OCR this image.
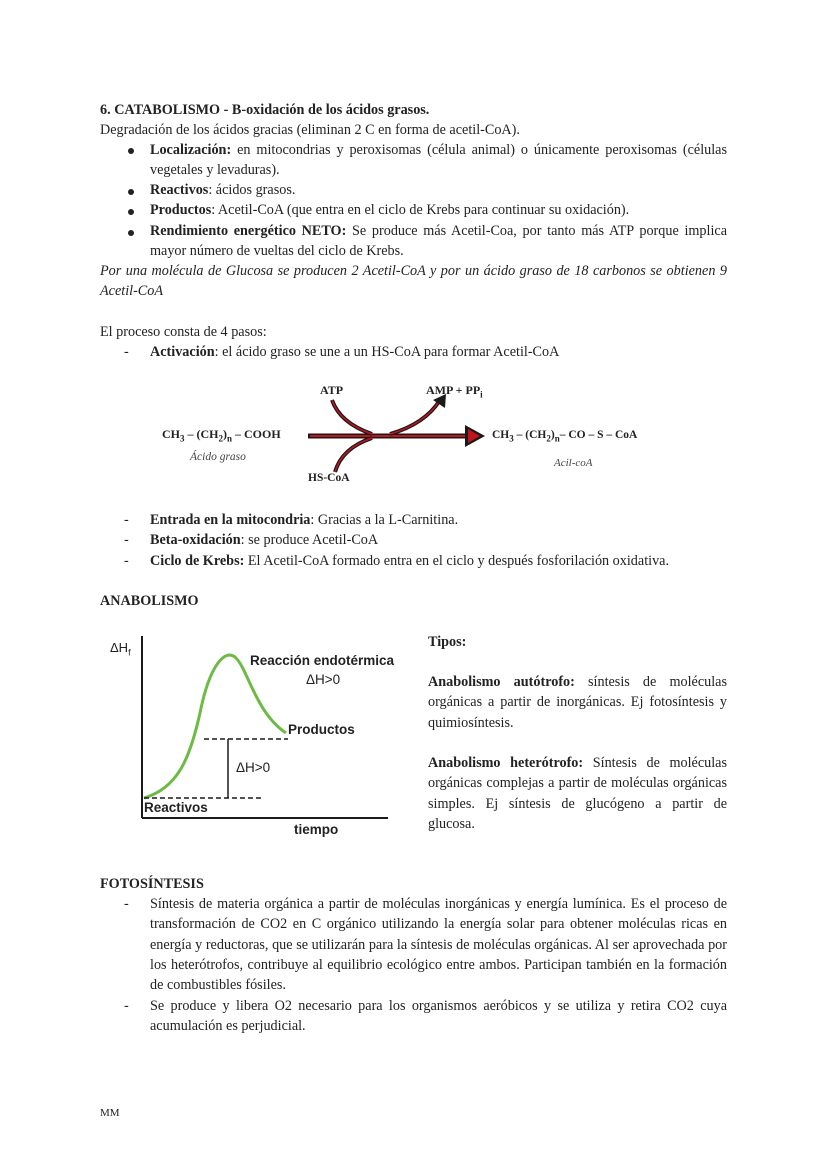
6. CATABOLISMO - B-oxidación de los ácidos grasos.
Degradación de los ácidos gracias (eliminan 2 C en forma de acetil-CoA).
Localización: en mitocondrias y peroxisomas (célula animal) o únicamente peroxisomas (células vegetales y levaduras).
Reactivos: ácidos grasos.
Productos: Acetil-CoA (que entra en el ciclo de Krebs para continuar su oxidación).
Rendimiento energético NETO: Se produce más Acetil-Coa, por tanto más ATP porque implica mayor número de vueltas del ciclo de Krebs.
Por una molécula de Glucosa se producen 2 Acetil-CoA y por un ácido graso de 18 carbonos se obtienen 9 Acetil-CoA
El proceso consta de 4 pasos:
- Activación: el ácido graso se une a un HS-CoA para formar Acetil-CoA
ATP	AMP + $PP_i$
HS-CoA
$CH_3 - (CH_2)_n$ – COOH
Ácido graso
$CH_3 - (CH_2)_n-$ CO – S – CoA
Acil-coA
- Entrada en la mitocondria: Gracias a la L-Carnitina.
- Beta-oxidación: se produce Acetil-CoA
- Ciclo de Krebs: El Acetil-CoA formado entra en el ciclo y después fosforilación oxidativa.
ANABOLISMO
$\Delta H_f$
Reacción endotérmica
ΔH>0
Productos
ΔH>0
Reactivos
tiempo
Tipos:
Anabolismo autótrofo: síntesis de moléculas orgánicas a partir de inorgánicas. Ej fotosíntesis y quimiosíntesis.
Anabolismo heterótrofo: Síntesis de moléculas orgánicas complejas a partir de moléculas orgánicas simples. Ej síntesis de glucógeno a partir de glucosa.
FOTOSÍNTESIS
- Síntesis de materia orgánica a partir de moléculas inorgánicas y energía lumínica. Es el proceso de transformación de CO2 en C orgánico utilizando la energía solar para obtener moléculas ricas en energía y reductoras, que se utilizarán para la síntesis de moléculas orgánicas. Al ser aprovechada por los heterótrofos, contribuye al equilibrio ecológico entre ambos. Participan también en la formación de combustibles fósiles.
- Se produce y libera O2 necesario para los organismos aeróbicos y se utiliza y retira CO2 cuya acumulación es perjudicial.
MM
